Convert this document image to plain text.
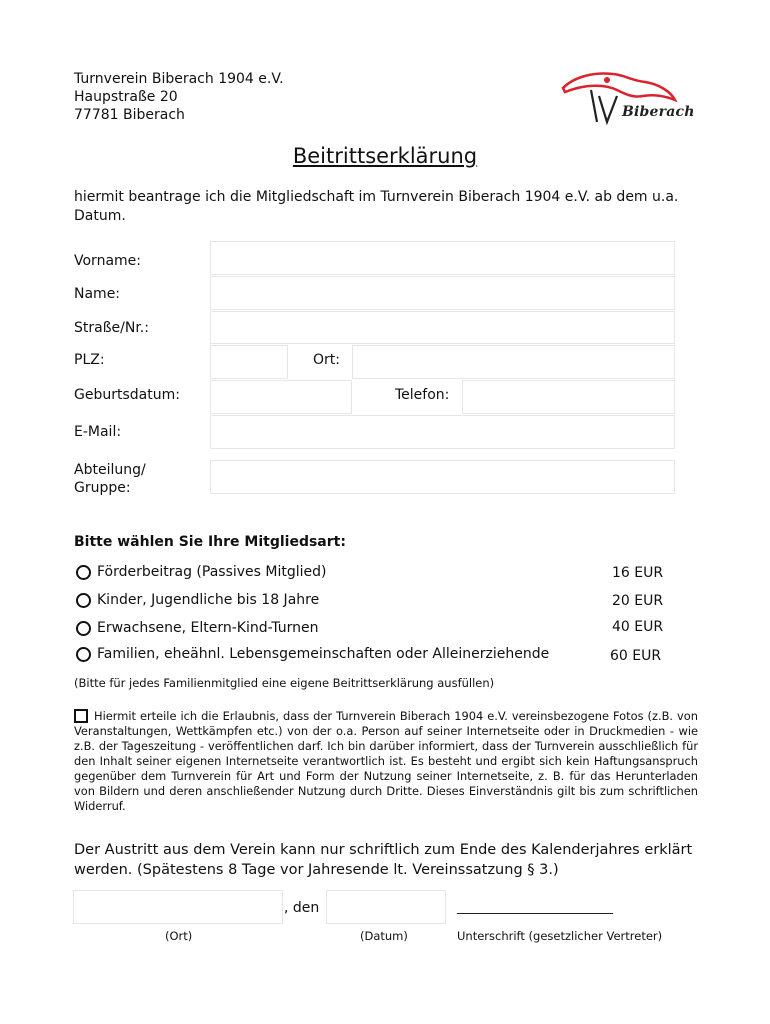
Turnverein Biberach 1904 e.V.
Haupstraße 20
77781 Biberach	Biberach
Beitrittserklärung
hiermit beantrage ich die Mitgliedschaft im Turnverein Biberach 1904 e.V. ab dem u.a. Datum.
Vorname:
Name:
Straße/Nr.:
PLZ:	Ort:
Geburtsdatum:	Telefon:
E-Mail:
Abteilung/
Gruppe:
Bitte wählen Sie Ihre Mitgliedsart:
Förderbeitrag (Passives Mitglied)	16 EUR
Kinder, Jugendliche bis 18 Jahre	20 EUR
Erwachsene, Eltern-Kind-Turnen	40 EUR
Familien, eheähnl. Lebensgemeinschaften oder Alleinerziehende	60 EUR
(Bitte für jedes Familienmitglied eine eigene Beitrittserklärung ausfüllen)
Hiermit erteile ich die Erlaubnis, dass der Turnverein Biberach 1904 e.V. vereinsbezogene Fotos (z.B. von Veranstaltungen, Wettkämpfen etc.) von der o.a. Person auf seiner Internetseite oder in Druckmedien - wie z.B. der Tageszeitung - veröffentlichen darf. Ich bin darüber informiert, dass der Turnverein ausschließlich für den Inhalt seiner eigenen Internetseite verantwortlich ist. Es besteht und ergibt sich kein Haftungsanspruch gegenüber dem Turnverein für Art und Form der Nutzung seiner Internetseite, z. B. für das Herunterladen von Bildern und deren anschließender Nutzung durch Dritte. Dieses Einverständnis gilt bis zum schriftlichen Widerruf.
Der Austritt aus dem Verein kann nur schriftlich zum Ende des Kalenderjahres erklärt werden. (Spätestens 8 Tage vor Jahresende lt. Vereinssatzung § 3.)
, den	________________________
(Ort)	(Datum)	Unterschrift (gesetzlicher Vertreter)
